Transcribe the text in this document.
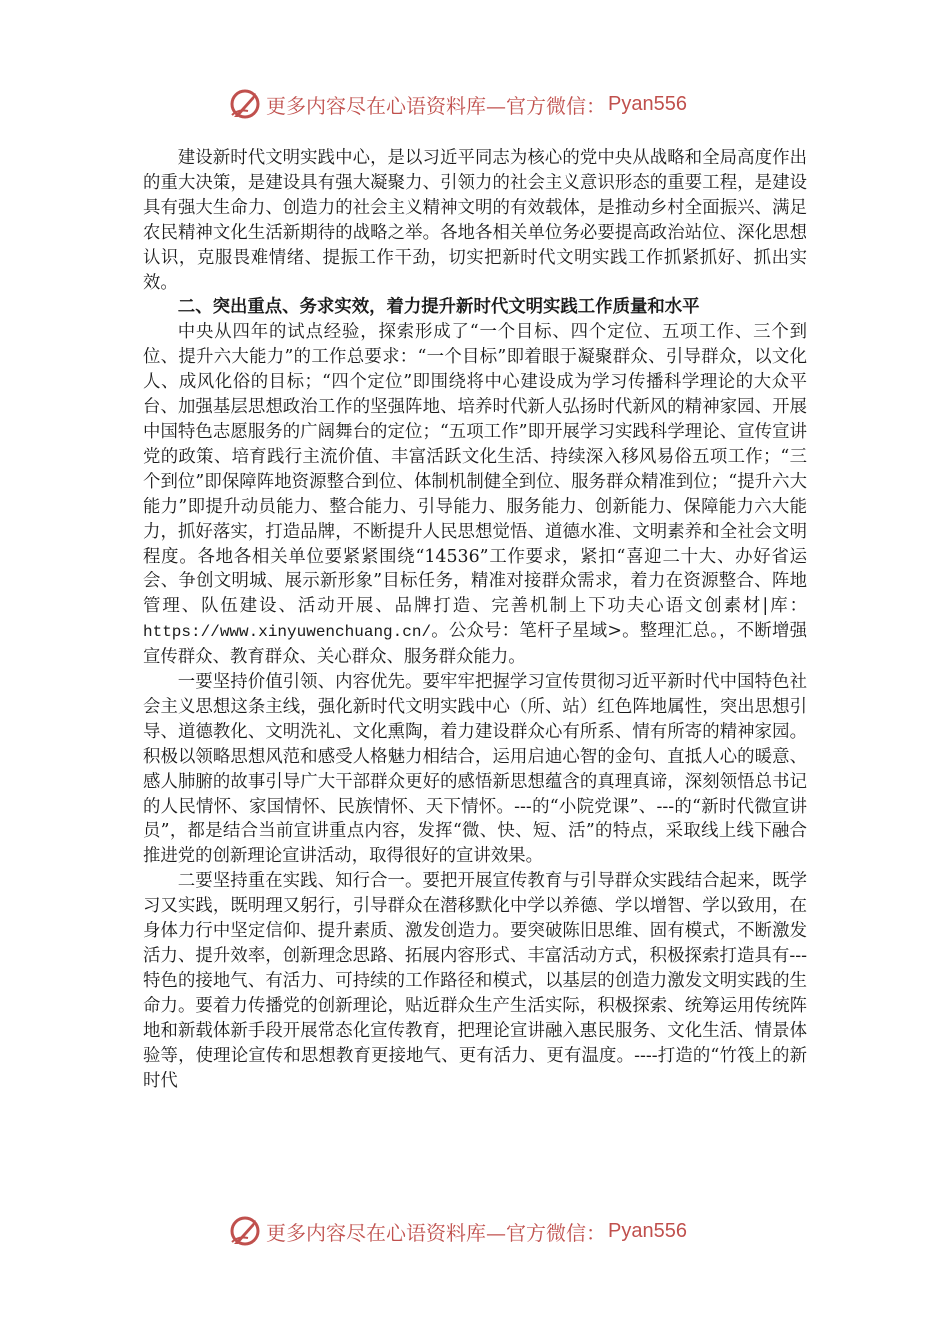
更多内容尽在心语资料库—官方微信： Pyan556

建设新时代文明实践中心，是以习近平同志为核心的党中央从战略和全局高度作出的重大决策，是建设具有强大凝聚力、引领力的社会主义意识形态的重要工程，是建设具有强大生命力、创造力的社会主义精神文明的有效载体，是推动乡村全面振兴、满足农民精神文化生活新期待的战略之举。各地各相关单位务必要提高政治站位、深化思想认识，克服畏难情绪、提振工作干劲，切实把新时代文明实践工作抓紧抓好、抓出实效。

二、突出重点、务求实效，着力提升新时代文明实践工作质量和水平

中央从四年的试点经验，探索形成了“一个目标、四个定位、五项工作、三个到位、提升六大能力”的工作总要求：“一个目标”即着眼于凝聚群众、引导群众，以文化人、成风化俗的目标；“四个定位”即围绕将中心建设成为学习传播科学理论的大众平台、加强基层思想政治工作的坚强阵地、培养时代新人弘扬时代新风的精神家园、开展中国特色志愿服务的广阔舞台的定位；“五项工作”即开展学习实践科学理论、宣传宣讲党的政策、培育践行主流价值、丰富活跃文化生活、持续深入移风易俗五项工作；“三个到位”即保障阵地资源整合到位、体制机制健全到位、服务群众精准到位；“提升六大能力”即提升动员能力、整合能力、引导能力、服务能力、创新能力、保障能力六大能力，抓好落实，打造品牌，不断提升人民思想觉悟、道德水准、文明素养和全社会文明程度。各地各相关单位要紧紧围绕“14536”工作要求，紧扣“喜迎二十大、办好省运会、争创文明城、展示新形象”目标任务，精准对接群众需求，着力在资源整合、阵地管理、队伍建设、活动开展、品牌打造、完善机制上下功夫心语文创素材|库：https://www.xinyuwenchuang.cn/。公众号：笔杆子星域>。整理汇总。，不断增强宣传群众、教育群众、关心群众、服务群众能力。

一要坚持价值引领、内容优先。要牢牢把握学习宣传贯彻习近平新时代中国特色社会主义思想这条主线，强化新时代文明实践中心（所、站）红色阵地属性，突出思想引导、道德教化、文明洗礼、文化熏陶，着力建设群众心有所系、情有所寄的精神家园。积极以领略思想风范和感受人格魅力相结合，运用启迪心智的金句、直抵人心的暖意、感人肺腑的故事引导广大干部群众更好的感悟新思想蕴含的真理真谛，深刻领悟总书记的人民情怀、家国情怀、民族情怀、天下情怀。---的“小院党课”、---的“新时代微宣讲员”，都是结合当前宣讲重点内容，发挥“微、快、短、活”的特点，采取线上线下融合推进党的创新理论宣讲活动，取得很好的宣讲效果。

二要坚持重在实践、知行合一。要把开展宣传教育与引导群众实践结合起来，既学习又实践，既明理又躬行，引导群众在潜移默化中学以养德、学以增智、学以致用，在身体力行中坚定信仰、提升素质、激发创造力。要突破陈旧思维、固有模式，不断激发活力、提升效率，创新理念思路、拓展内容形式、丰富活动方式，积极探索打造具有---特色的接地气、有活力、可持续的工作路径和模式，以基层的创造力激发文明实践的生命力。要着力传播党的创新理论，贴近群众生产生活实际，积极探索、统筹运用传统阵地和新载体新手段开展常态化宣传教育，把理论宣讲融入惠民服务、文化生活、情景体验等，使理论宣传和思想教育更接地气、更有活力、更有温度。----打造的“竹筏上的新时代

更多内容尽在心语资料库—官方微信： Pyan556
